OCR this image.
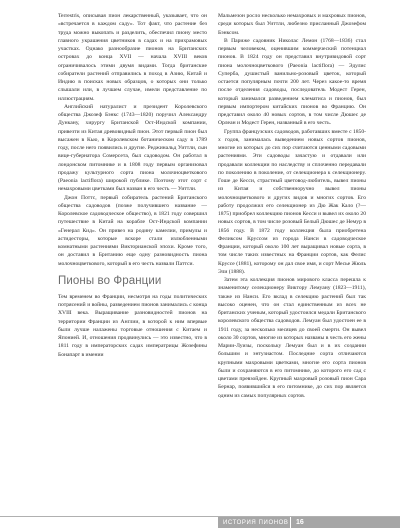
Terrestris, описывая пион лекарственный, указывает, что он «встречается в каждом саду». Тот факт, что растение без труда можно выкопать и разделить, обеспечил пиону место главного украшения цветников в садах и на прихрамовых участках. Однако разнообразие пионов на Британских островах до конца XVII — начала XVIII веков ограничивалось этими двумя видами. Тогда британские собиратели растений отправились в поход в Азию, Китай и Индию в поисках новых образцов, о которых они только слышали или, в лучшем случае, имели представление по иллюстрациям.

Английский натуралист и президент Королевского общества Джозеф Бэнкс (1743—1820) поручил Александру Дункану, хирургу Британской Ост-Индской компании, привезти из Китая древовидный пион. Этот первый пион был высажен в Кью, в Королевском ботаническом саду в 1789 году, после него появились и другие. Реджинальд Уиттли, сын вице-губернатора Сомерсета, был садоводом. Он работал в лондонском питомнике и в 1808 году первым организовал продажу культурного сорта пиона молочноцветкового (Paeonia lactiflora) широкой публике. Поэтому этот сорт с немахровыми цветками был назван в его честь — Уиттли.

Джон Поттс, первый собиратель растений Британского общества садоводов (позже получившего название — Королевское садоводческое общество), в 1821 году совершил путешествие в Китай на корабле Ост-Индской компании «Генерал Кид». Он привез на родину камелии, примулы и астидесторы, которые вскоре стали излюбленными комнатными растениями Викторианской эпохи. Кроме того, он доставил в Британию еще одну разновидность пиона молочноцветкового, который в его честь назвали Паттси.

Пионы во Франции

Тем временем во Франции, несмотря на годы политических потрясений и войны, разведением пионов занимались с конца XVIII века. Выращивание разновидностей пионов на территории Франции из Англии, в которой к ним впервые были лучше налажены торговые отношения с Китаем и Японией. И, отношения продвинулись — это известно, что в 1811 году в императорских садах императрицы Жозефины Бонапарт в имении

Мальмезон росло несколько немахровых и махровых пионов, среди которых был Уиттли, любезно присланный Джозефом Бэнксом.

В Париже садовник Николас Лемон (1768—1836) стал первым человеком, оценившим коммерческий потенциал пионов. В 1824 году он представил внутривидовой сорт пиона молочноцветкового (Paeonia lactiflora) — Эдулис Супербa, душистый ванильно-розовый цветок, который остается популярным почти 200 лет. Через какое-то время после отделения садоводы, последователь Модест Герен, который занимался разведением клематиса и пионов, был первым импортером китайских пионов во Францию. Он представил около 40 новых сортов, в том числе Дюшес де Орлеан и Модест Герен, названный в его честь.

Группа французских садоводов, работавших вместе с 1850-х годов, занималась выведением новых сортов пионов, многие из которых до сих пор считаются ценными садовыми растениями. Эти садоводы зачастую и отдавали или продавали коллекции по наследству и сплоченно передавали по поколению в поколение, от селекционера к селекционеру. Гоше де Кесси, страстный цветовод-любитель, вывел пионы из Китая и собственноручно вывел пионы молочноцветкового и других видов и многих сортов. Его работу продолжил его селекционер из Дю Жак Кало (?—1875) приобрел коллекцию пионов Кесси и вывел их около 20 новых сортов, в том числе розовый Белый Дюшес де Немур в 1856 году. В 1872 году коллекция была приобретена Феликсом Круссом из города Нанси в садоводческое Франции, который около 100 лет выращивал новые сорта, в том числе таких известных на Франции сортов, как Фелис Круссе (1881), которому он дал свое имя, и сорт Месье Жюль Эли (1888).

Затем эта коллекция пионов мирового класса перешла к знаменитому селекционеру Виктору Лемуану (1823—1911), также из Нанси. Его вклад в селекцию растений был так высоко оценен, что он стал единственным из всех не британских ученым, который удостоился медали Британского королевского общества садоводов. Лемуан был удостоен ее в 1911 году, за несколько месяцев до своей смерти. Он вывел около 30 сортов, многие из которых названы в честь его жены Марии-Луизы, поскольку Лемуан был и в их создании большим и энтузиастом. Последние сорта отличаются крупными махровыми цветками, многие его сорта пионов были и сохраняются в его питомнике, до которого его сад с цветами превзойден. Крупный махровый розовый пион Сара Бернар, появившийся в его питомнике, до сих пор является одним из самых популярных сортов.

ИСТОРИЯ ПИОНОВ 16
